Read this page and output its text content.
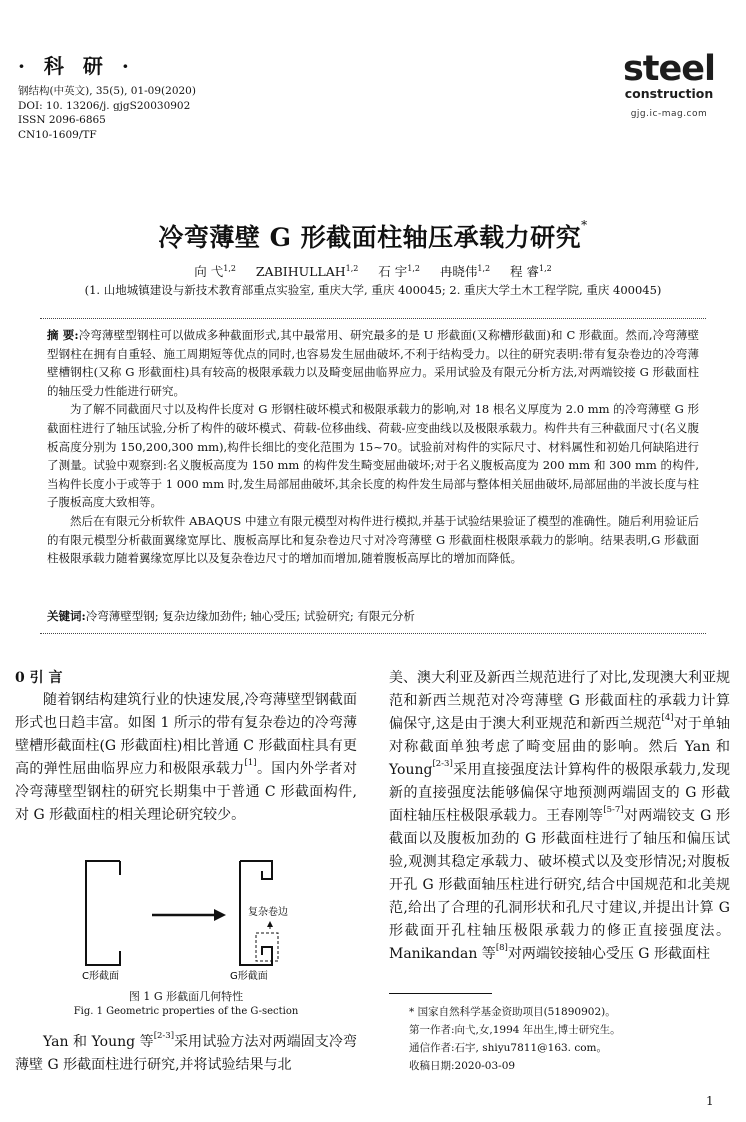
· 科 研 ·
钢结构(中英文), 35(5), 01-09(2020)
DOI: 10. 13206/j. gjgS20030902
ISSN 2096-6865
CN10-1609/TF
steel
construction
gjg.ic-mag.com
冷弯薄壁 G 形截面柱轴压承载力研究*
向 弋$^{1,2}$ ZABIHULLAH$^{1,2}$ 石 宇$^{1,2}$ 冉晓伟$^{1,2}$ 程 睿$^{1,2}$
(1. 山地城镇建设与新技术教育部重点实验室, 重庆大学, 重庆 400045; 2. 重庆大学土木工程学院, 重庆 400045)

摘 要:冷弯薄壁型钢柱可以做成多种截面形式,其中最常用、研究最多的是 U 形截面(又称槽形截面)和 C 形截面。然而,冷弯薄壁型钢柱在拥有自重轻、施工周期短等优点的同时,也容易发生屈曲破坏,不利于结构受力。以往的研究表明:带有复杂卷边的冷弯薄壁槽钢柱(又称 G 形截面柱)具有较高的极限承载力以及畸变屈曲临界应力。采用试验及有限元分析方法,对两端铰接 G 形截面柱的轴压受力性能进行研究。

为了解不同截面尺寸以及构件长度对 G 形钢柱破坏模式和极限承载力的影响,对 18 根名义厚度为 2.0 mm 的冷弯薄壁 G 形截面柱进行了轴压试验,分析了构件的破坏模式、荷载-位移曲线、荷载-应变曲线以及极限承载力。构件共有三种截面尺寸(名义腹板高度分别为 150,200,300 mm),构件长细比的变化范围为 15~70。试验前对构件的实际尺寸、材料属性和初始几何缺陷进行了测量。试验中观察到:名义腹板高度为 150 mm 的构件发生畸变屈曲破坏;对于名义腹板高度为 200 mm 和 300 mm 的构件,当构件长度小于或等于 1 000 mm 时,发生局部屈曲破坏,其余长度的构件发生局部与整体相关屈曲破坏,局部屈曲的半波长度与柱子腹板高度大致相等。

然后在有限元分析软件 ABAQUS 中建立有限元模型对构件进行模拟,并基于试验结果验证了模型的准确性。随后利用验证后的有限元模型分析截面翼缘宽厚比、腹板高厚比和复杂卷边尺寸对冷弯薄壁 G 形截面柱极限承载力的影响。结果表明,G 形截面柱极限承载力随着翼缘宽厚比以及复杂卷边尺寸的增加而增加,随着腹板高厚比的增加而降低。

关键词:冷弯薄壁型钢; 复杂边缘加劲件; 轴心受压; 试验研究; 有限元分析
0 引 言

随着钢结构建筑行业的快速发展,冷弯薄壁型钢截面形式也日趋丰富。如图 1 所示的带有复杂卷边的冷弯薄壁槽形截面柱(G 形截面柱)相比普通 C 形截面柱具有更高的弹性屈曲临界应力和极限承载力[1]。国内外学者对冷弯薄壁型钢柱的研究长期集中于普通 C 形截面构件,对 G 形截面柱的相关理论研究较少。

复杂卷边
C形截面	G形截面
图 1 G 形截面几何特性
Fig. 1 Geometric properties of the G-section

Yan 和 Young 等[2-3]采用试验方法对两端固支冷弯薄壁 G 形截面柱进行研究,并将试验结果与北

美、澳大利亚及新西兰规范进行了对比,发现澳大利亚规范和新西兰规范对冷弯薄壁 G 形截面柱的承载力计算偏保守,这是由于澳大利亚规范和新西兰规范[4]对于单轴对称截面单独考虑了畸变屈曲的影响。然后 Yan 和 Young[2-3]采用直接强度法计算构件的极限承载力,发现新的直接强度法能够偏保守地预测两端固支的 G 形截面柱轴压柱极限承载力。王春刚等[5-7]对两端铰支 G 形截面以及腹板加劲的 G 形截面柱进行了轴压和偏压试验,观测其稳定承载力、破坏模式以及变形情况;对腹板开孔 G 形截面轴压柱进行研究,结合中国规范和北美规范,给出了合理的孔洞形状和孔尺寸建议,并提出计算 G 形截面开孔柱轴压极限承载力的修正直接强度法。Manikandan 等[8]对两端铰接轴心受压 G 形截面柱

* 国家自然科学基金资助项目(51890902)。
第一作者:向弋,女,1994 年出生,博士研究生。
通信作者:石宇, shiyu7811@163. com。
收稿日期:2020-03-09
1
